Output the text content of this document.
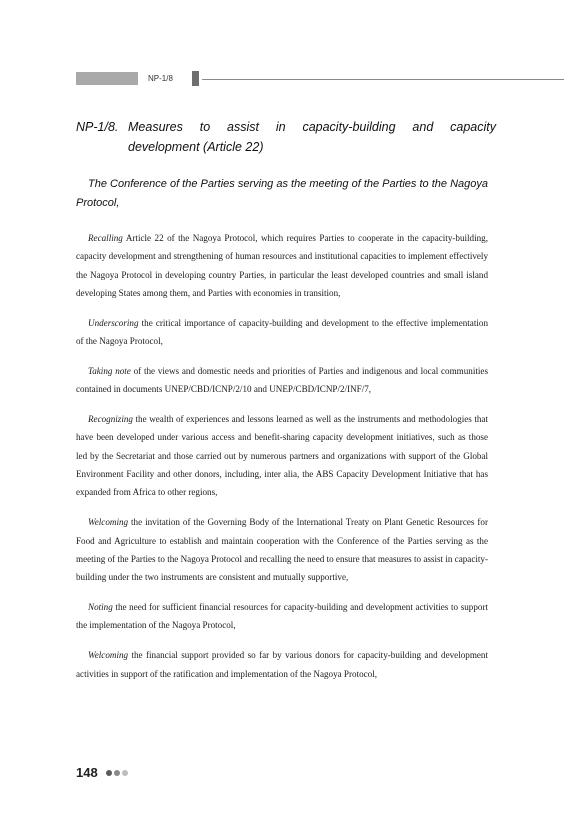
NP-1/8
NP-1/8. Measures to assist in capacity-building and capacity
development (Article 22)
The Conference of the Parties serving as the meeting of the Parties to the Nagoya Protocol,

Recalling Article 22 of the Nagoya Protocol, which requires Parties to cooperate in the capacity-building, capacity development and strengthening of human resources and institutional capacities to implement effectively the Nagoya Protocol in developing country Parties, in particular the least developed countries and small island developing States among them, and Parties with economies in transition,

Underscoring the critical importance of capacity-building and development to the effective implementation of the Nagoya Protocol,

Taking note of the views and domestic needs and priorities of Parties and indigenous and local communities contained in documents UNEP/CBD/ICNP/2/10 and UNEP/CBD/ICNP/2/INF/7,

Recognizing the wealth of experiences and lessons learned as well as the instruments and methodologies that have been developed under various access and benefit-sharing capacity development initiatives, such as those led by the Secretariat and those carried out by numerous partners and organizations with support of the Global Environment Facility and other donors, including, inter alia, the ABS Capacity Development Initiative that has expanded from Africa to other regions,

Welcoming the invitation of the Governing Body of the International Treaty on Plant Genetic Resources for Food and Agriculture to establish and maintain cooperation with the Conference of the Parties serving as the meeting of the Parties to the Nagoya Protocol and recalling the need to ensure that measures to assist in capacity-building under the two instruments are consistent and mutually supportive,

Noting the need for sufficient financial resources for capacity-building and development activities to support the implementation of the Nagoya Protocol,

Welcoming the financial support provided so far by various donors for capacity-building and development activities in support of the ratification and implementation of the Nagoya Protocol,

148
